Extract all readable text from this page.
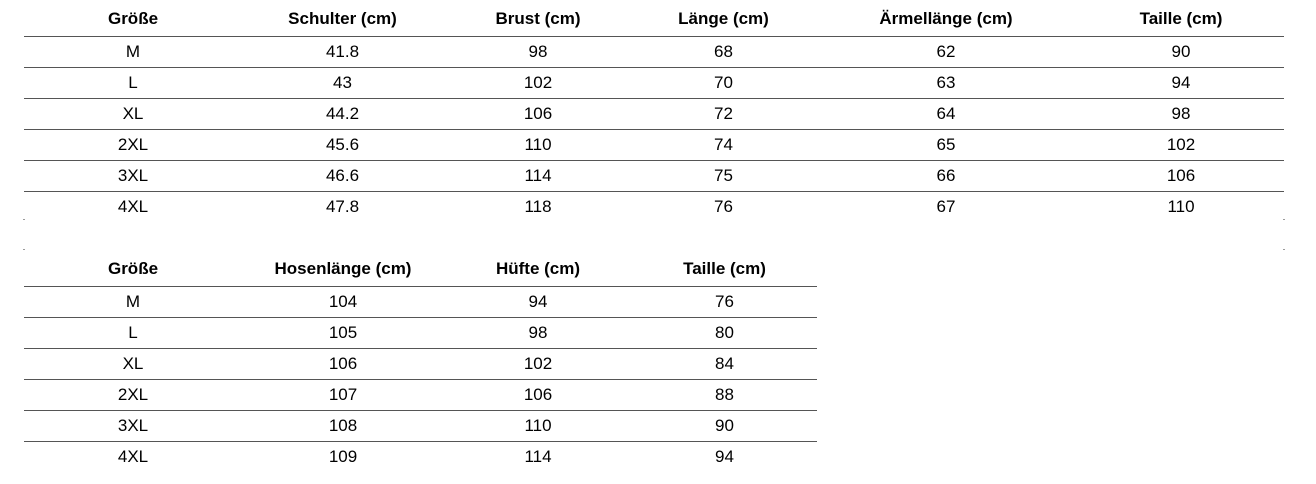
Größe	Schulter (cm)	Brust (cm)	Länge (cm)	Ärmellänge (cm)	Taille (cm)
M	41.8	98	68	62	90
L	43	102	70	63	94
XL	44.2	106	72	64	98
2XL	45.6	110	74	65	102
3XL	46.6	114	75	66	106
4XL	47.8	118	76	67	110
Größe	Hosenlänge (cm)	Hüfte (cm)	Taille (cm)
M	104	94	76
L	105	98	80
XL	106	102	84
2XL	107	106	88
3XL	108	110	90
4XL	109	114	94
